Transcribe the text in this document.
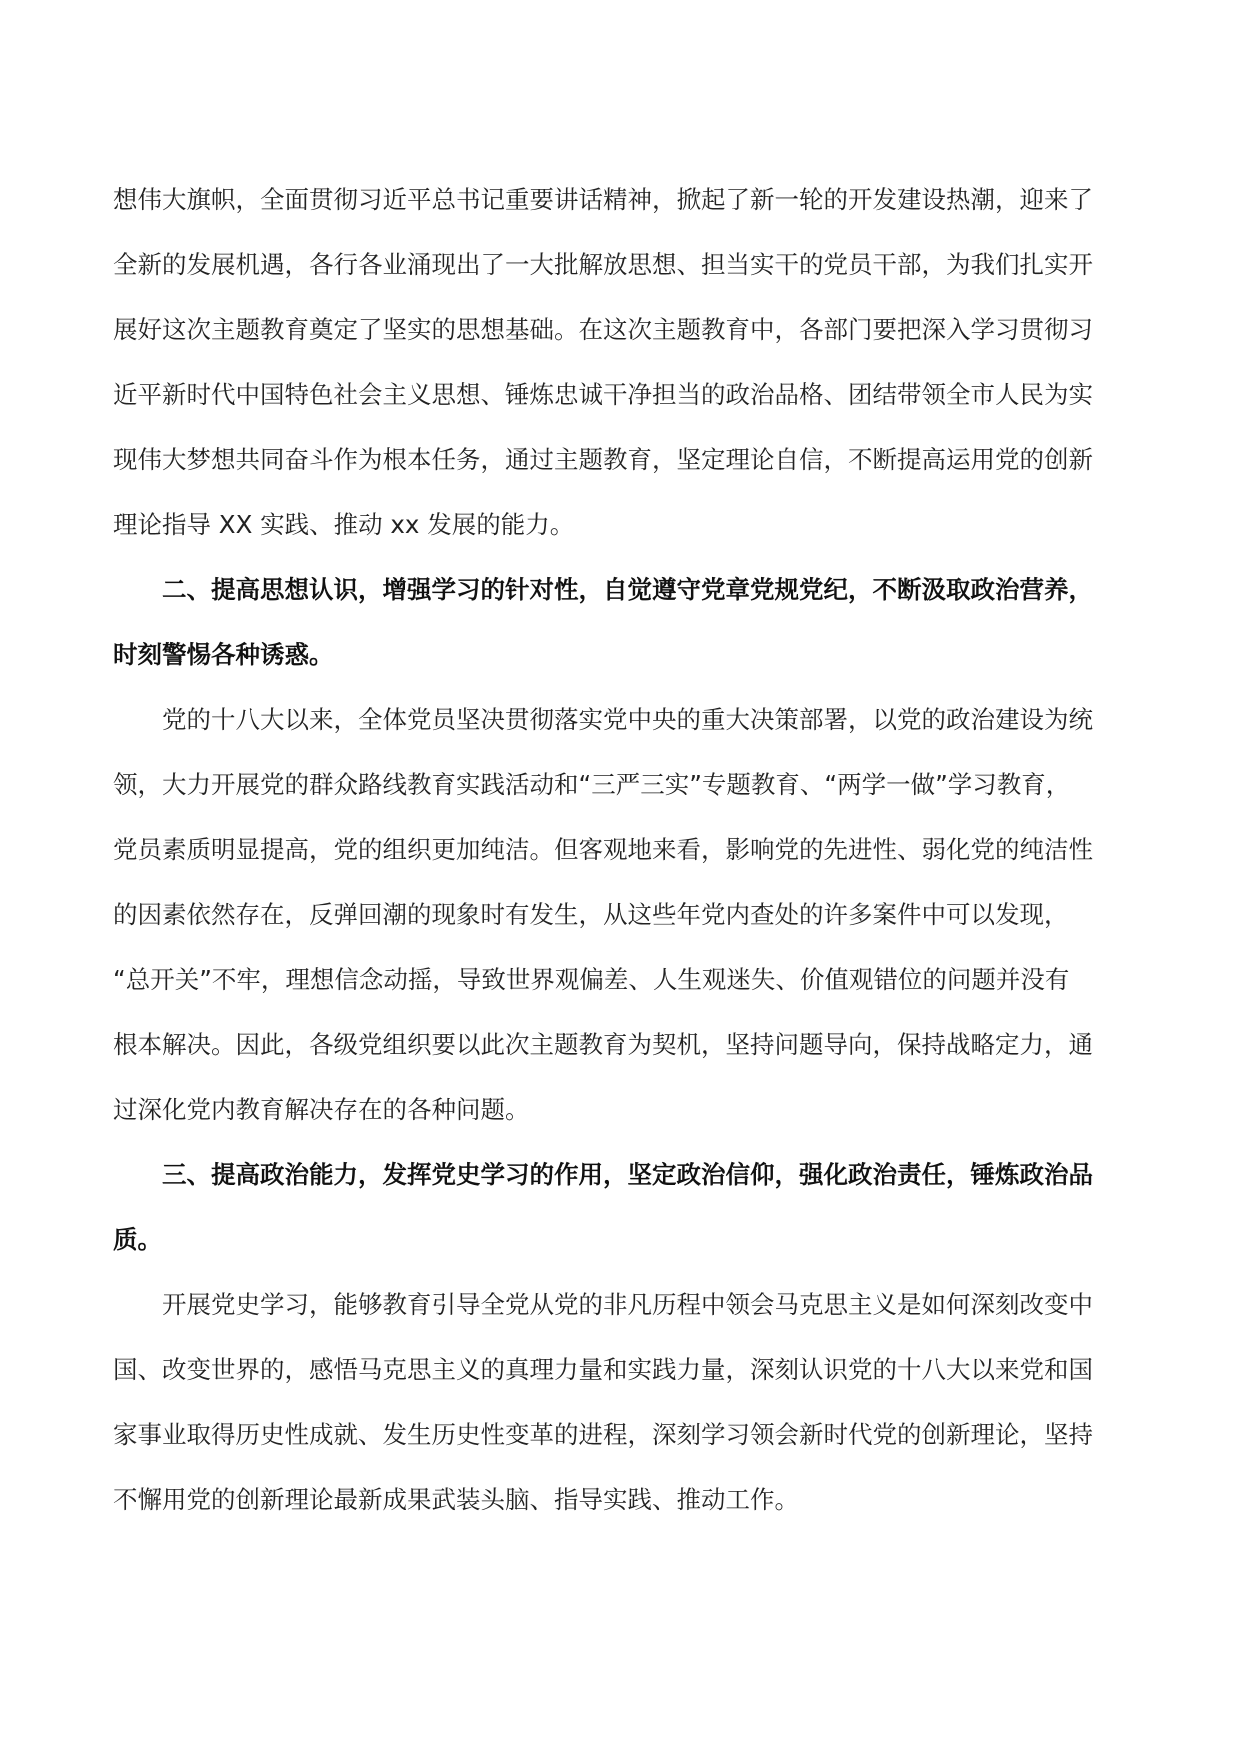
想伟大旗帜，全面贯彻习近平总书记重要讲话精神，掀起了新一轮的开发建设热潮，迎来了
全新的发展机遇，各行各业涌现出了一大批解放思想、担当实干的党员干部，为我们扎实开
展好这次主题教育奠定了坚实的思想基础。在这次主题教育中，各部门要把深入学习贯彻习
近平新时代中国特色社会主义思想、锤炼忠诚干净担当的政治品格、团结带领全市人民为实
现伟大梦想共同奋斗作为根本任务，通过主题教育，坚定理论自信，不断提高运用党的创新
理论指导 XX 实践、推动 xx 发展的能力。
二、提高思想认识，增强学习的针对性，自觉遵守党章党规党纪，不断汲取政治营养，
时刻警惕各种诱惑。
党的十八大以来，全体党员坚决贯彻落实党中央的重大决策部署，以党的政治建设为统
领，大力开展党的群众路线教育实践活动和“三严三实”专题教育、“两学一做”学习教育，
党员素质明显提高，党的组织更加纯洁。但客观地来看，影响党的先进性、弱化党的纯洁性
的因素依然存在，反弹回潮的现象时有发生，从这些年党内查处的许多案件中可以发现，
“总开关”不牢，理想信念动摇，导致世界观偏差、人生观迷失、价值观错位的问题并没有
根本解决。因此，各级党组织要以此次主题教育为契机，坚持问题导向，保持战略定力，通
过深化党内教育解决存在的各种问题。
三、提高政治能力，发挥党史学习的作用，坚定政治信仰，强化政治责任，锤炼政治品
质。
开展党史学习，能够教育引导全党从党的非凡历程中领会马克思主义是如何深刻改变中
国、改变世界的，感悟马克思主义的真理力量和实践力量，深刻认识党的十八大以来党和国
家事业取得历史性成就、发生历史性变革的进程，深刻学习领会新时代党的创新理论，坚持
不懈用党的创新理论最新成果武装头脑、指导实践、推动工作。
